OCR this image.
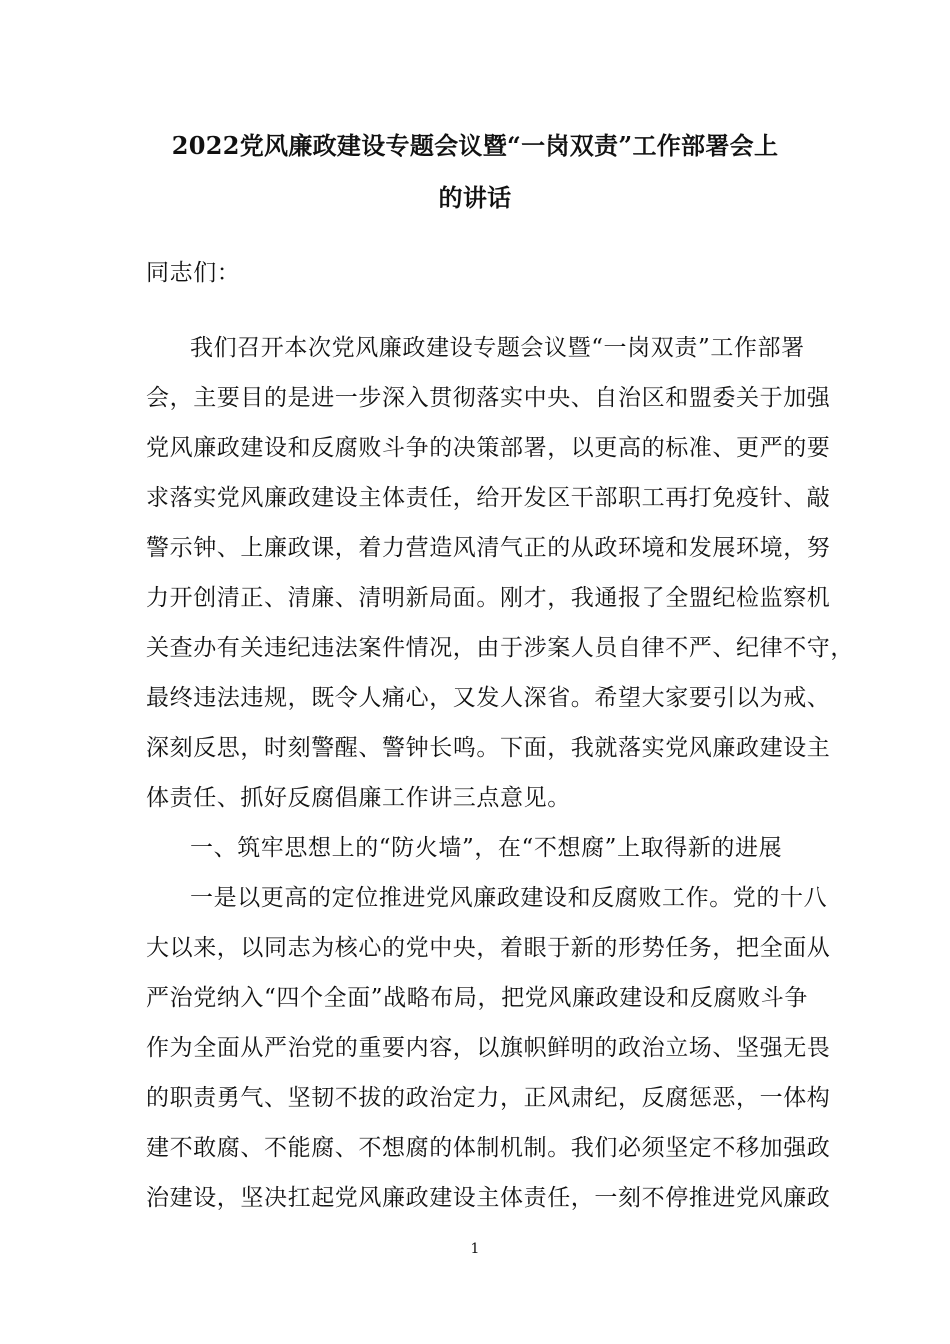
2022党风廉政建设专题会议暨“一岗双责”工作部署会上
的讲话
同志们：
我们召开本次党风廉政建设专题会议暨“一岗双责”工作部署
会，主要目的是进一步深入贯彻落实中央、自治区和盟委关于加强
党风廉政建设和反腐败斗争的决策部署，以更高的标准、更严的要
求落实党风廉政建设主体责任，给开发区干部职工再打免疫针、敲
警示钟、上廉政课，着力营造风清气正的从政环境和发展环境，努
力开创清正、清廉、清明新局面。刚才，我通报了全盟纪检监察机
关查办有关违纪违法案件情况，由于涉案人员自律不严、纪律不守，
最终违法违规，既令人痛心，又发人深省。希望大家要引以为戒、
深刻反思，时刻警醒、警钟长鸣。下面，我就落实党风廉政建设主
体责任、抓好反腐倡廉工作讲三点意见。
一、筑牢思想上的“防火墙”，在“不想腐”上取得新的进展
一是以更高的定位推进党风廉政建设和反腐败工作。党的十八
大以来，以同志为核心的党中央，着眼于新的形势任务，把全面从
严治党纳入“四个全面”战略布局，把党风廉政建设和反腐败斗争
作为全面从严治党的重要内容，以旗帜鲜明的政治立场、坚强无畏
的职责勇气、坚韧不拔的政治定力，正风肃纪，反腐惩恶，一体构
建不敢腐、不能腐、不想腐的体制机制。我们必须坚定不移加强政
治建设，坚决扛起党风廉政建设主体责任，一刻不停推进党风廉政
1
